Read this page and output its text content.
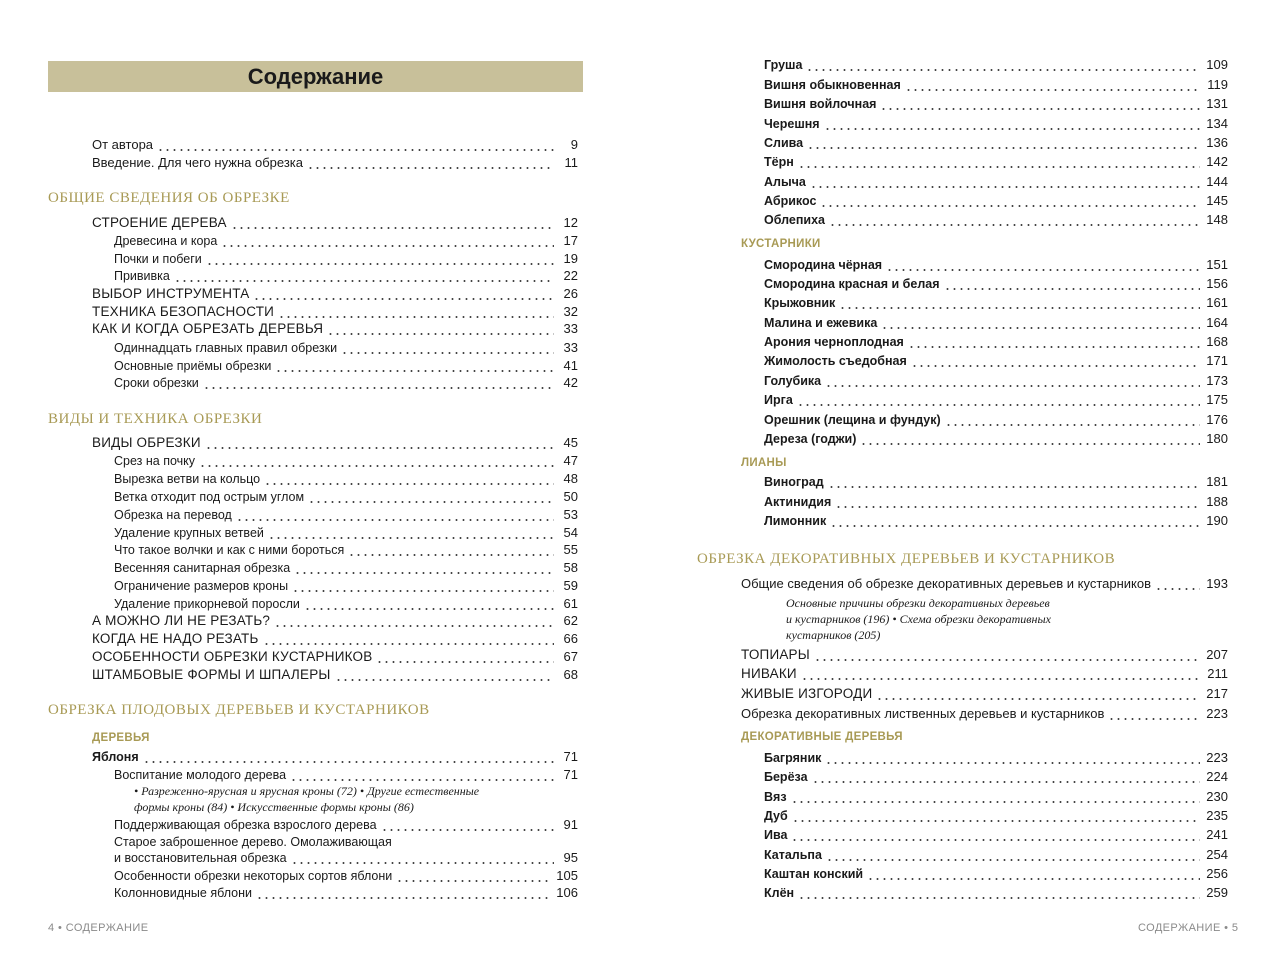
Содержание
От автора	9
Введение. Для чего нужна обрезка	11
ОБЩИЕ СВЕДЕНИЯ ОБ ОБРЕЗКЕ
СТРОЕНИЕ ДЕРЕВА	12
Древесина и кора	17
Почки и побеги	19
Прививка	22
ВЫБОР ИНСТРУМЕНТА	26
ТЕХНИКА БЕЗОПАСНОСТИ	32
КАК И КОГДА ОБРЕЗАТЬ ДЕРЕВЬЯ	33
Одиннадцать главных правил обрезки	33
Основные приёмы обрезки	41
Сроки обрезки	42
ВИДЫ И ТЕХНИКА ОБРЕЗКИ
ВИДЫ ОБРЕЗКИ	45
Срез на почку	47
Вырезка ветви на кольцо	48
Ветка отходит под острым углом	50
Обрезка на перевод	53
Удаление крупных ветвей	54
Что такое волчки и как с ними бороться	55
Весенняя санитарная обрезка	58
Ограничение размеров кроны	59
Удаление прикорневой поросли	61
А МОЖНО ЛИ НЕ РЕЗАТЬ?	62
КОГДА НЕ НАДО РЕЗАТЬ	66
ОСОБЕННОСТИ ОБРЕЗКИ КУСТАРНИКОВ	67
ШТАМБОВЫЕ ФОРМЫ И ШПАЛЕРЫ	68
ОБРЕЗКА ПЛОДОВЫХ ДЕРЕВЬЕВ И КУСТАРНИКОВ
ДЕРЕВЬЯ
Яблоня	71
Воспитание молодого дерева	71
• Разреженно-ярусная и ярусная кроны (72) • Другие естественные
формы кроны (84) • Искусственные формы кроны (86)
Поддерживающая обрезка взрослого дерева	91
Старое заброшенное дерево. Омолаживающая
и восстановительная обрезка	95
Особенности обрезки некоторых сортов яблони	105
Колонновидные яблони	106
4 • СОДЕРЖАНИЕ
Груша	109
Вишня обыкновенная	119
Вишня войлочная	131
Черешня	134
Слива	136
Тёрн	142
Алыча	144
Абрикос	145
Облепиха	148
КУСТАРНИКИ
Смородина чёрная	151
Смородина красная и белая	156
Крыжовник	161
Малина и ежевика	164
Арония черноплодная	168
Жимолость съедобная	171
Голубика	173
Ирга	175
Орешник (лещина и фундук)	176
Дереза (годжи)	180
ЛИАНЫ
Виноград	181
Актинидия	188
Лимонник	190
ОБРЕЗКА ДЕКОРАТИВНЫХ ДЕРЕВЬЕВ И КУСТАРНИКОВ
Общие сведения об обрезке декоративных деревьев и кустарников	193
Основные причины обрезки декоративных деревьев
и кустарников (196) • Схема обрезки декоративных
кустарников (205)
ТОПИАРЫ	207
НИВАКИ	211
ЖИВЫЕ ИЗГОРОДИ	217
Обрезка декоративных лиственных деревьев и кустарников	223
ДЕКОРАТИВНЫЕ ДЕРЕВЬЯ
Багряник	223
Берёза	224
Вяз	230
Дуб	235
Ива	241
Катальпа	254
Каштан конский	256
Клён	259
СОДЕРЖАНИЕ • 5
